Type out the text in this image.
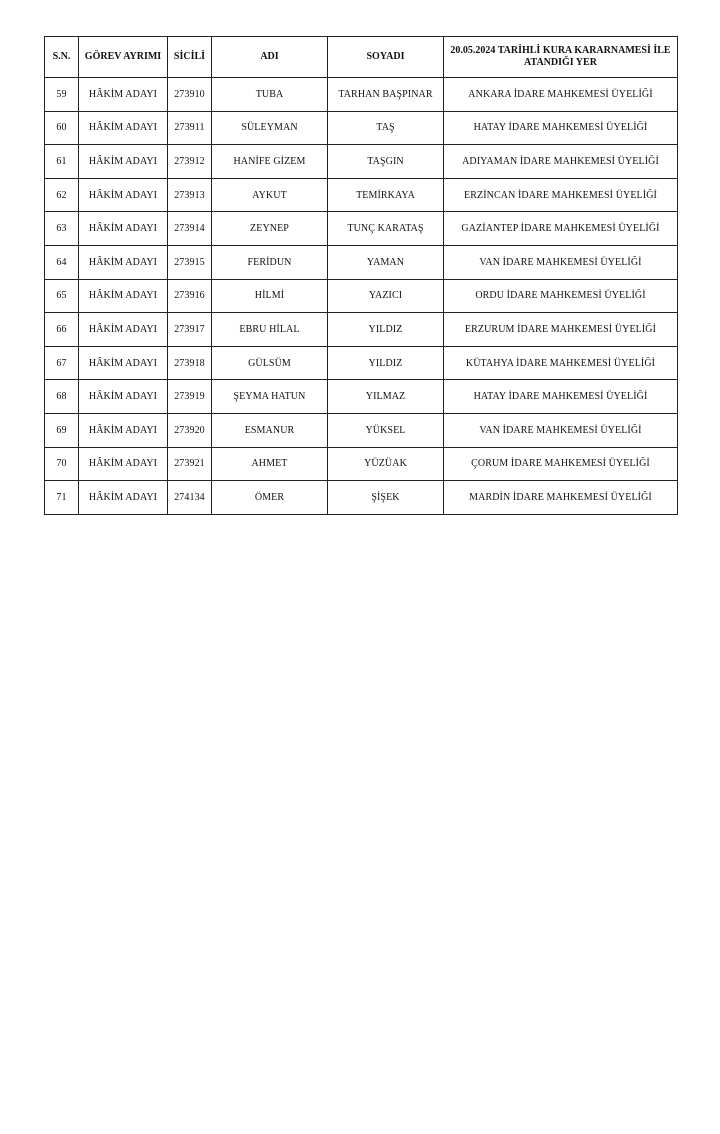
S.N.	GÖREV AYRIMI	SİCİLİ	ADI	SOYADI	20.05.2024 TARİHLİ KURA KARARNAMESİ İLE ATANDIĞI YER
59	HÂKİM ADAYI	273910	TUBA	TARHAN BAŞPINAR	ANKARA İDARE MAHKEMESİ ÜYELİĞİ
60	HÂKİM ADAYI	273911	SÜLEYMAN	TAŞ	HATAY İDARE MAHKEMESİ ÜYELİĞİ
61	HÂKİM ADAYI	273912	HANİFE GİZEM	TAŞGIN	ADIYAMAN İDARE MAHKEMESİ ÜYELİĞİ
62	HÂKİM ADAYI	273913	AYKUT	TEMİRKAYA	ERZİNCAN İDARE MAHKEMESİ ÜYELİĞİ
63	HÂKİM ADAYI	273914	ZEYNEP	TUNÇ KARATAŞ	GAZİANTEP İDARE MAHKEMESİ ÜYELİĞİ
64	HÂKİM ADAYI	273915	FERİDUN	YAMAN	VAN İDARE MAHKEMESİ ÜYELİĞİ
65	HÂKİM ADAYI	273916	HİLMİ	YAZICI	ORDU İDARE MAHKEMESİ ÜYELİĞİ
66	HÂKİM ADAYI	273917	EBRU HİLAL	YILDIZ	ERZURUM İDARE MAHKEMESİ ÜYELİĞİ
67	HÂKİM ADAYI	273918	GÜLSÜM	YILDIZ	KÜTAHYA İDARE MAHKEMESİ ÜYELİĞİ
68	HÂKİM ADAYI	273919	ŞEYMA HATUN	YILMAZ	HATAY İDARE MAHKEMESİ ÜYELİĞİ
69	HÂKİM ADAYI	273920	ESMANUR	YÜKSEL	VAN İDARE MAHKEMESİ ÜYELİĞİ
70	HÂKİM ADAYI	273921	AHMET	YÜZÜAK	ÇORUM İDARE MAHKEMESİ ÜYELİĞİ
71	HÂKİM ADAYI	274134	ÖMER	ŞİŞEK	MARDİN İDARE MAHKEMESİ ÜYELİĞİ
